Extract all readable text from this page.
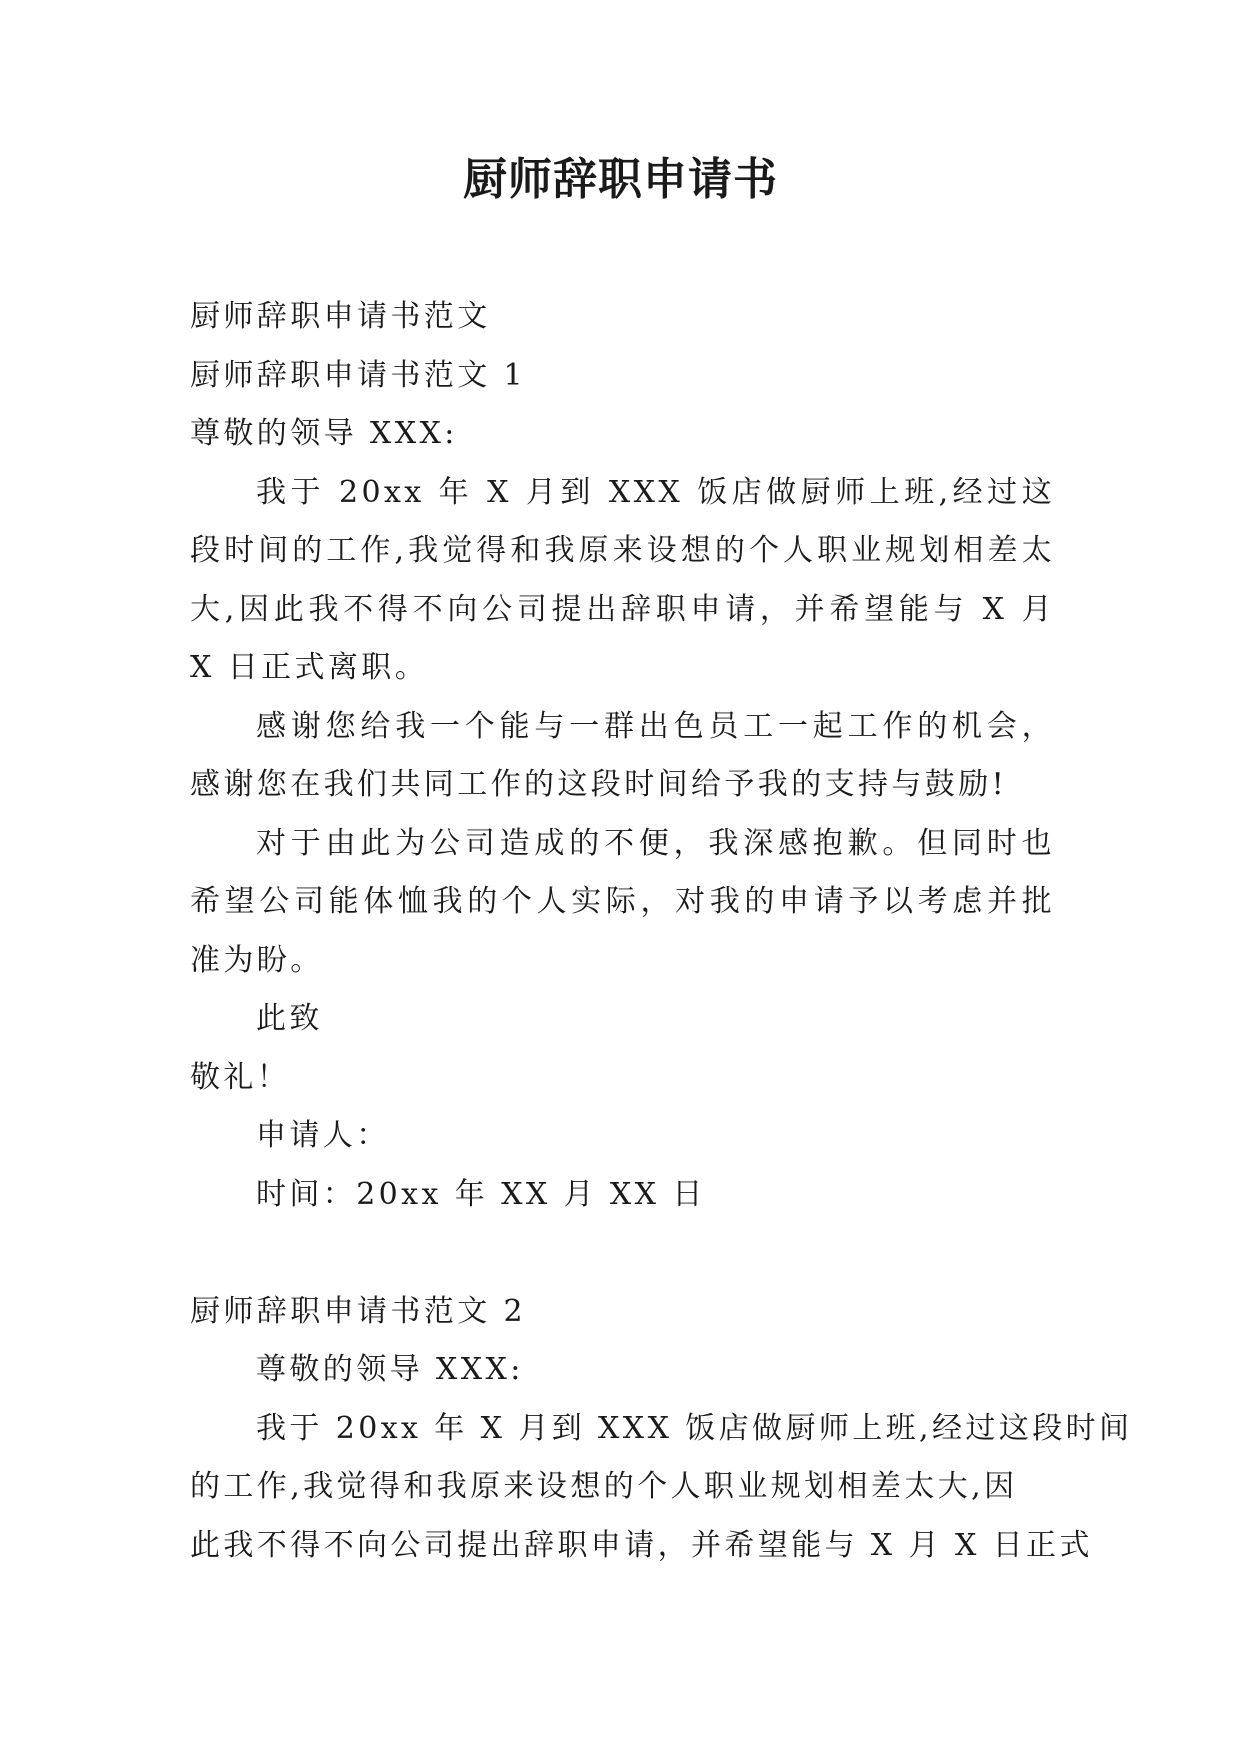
厨师辞职申请书

厨师辞职申请书范文

厨师辞职申请书范文 1

尊敬的领导 XXX:

我于 20xx 年 X 月到 XXX 饭店做厨师上班,经过这段时间的工作,我觉得和我原来设想的个人职业规划相差太大,因此我不得不向公司提出辞职申请，并希望能与 X 月 X 日正式离职。

感谢您给我一个能与一群出色员工一起工作的机会，感谢您在我们共同工作的这段时间给予我的支持与鼓励!

对于由此为公司造成的不便，我深感抱歉。但同时也希望公司能体恤我的个人实际，对我的申请予以考虑并批准为盼。

此致

敬礼！

申请人：

时间：20xx 年 XX 月 XX 日

厨师辞职申请书范文 2

尊敬的领导 XXX:

我于 20xx 年 X 月到 XXX 饭店做厨师上班,经过这段时间

的工作,我觉得和我原来设想的个人职业规划相差太大,因

此我不得不向公司提出辞职申请，并希望能与 X 月 X 日正式
